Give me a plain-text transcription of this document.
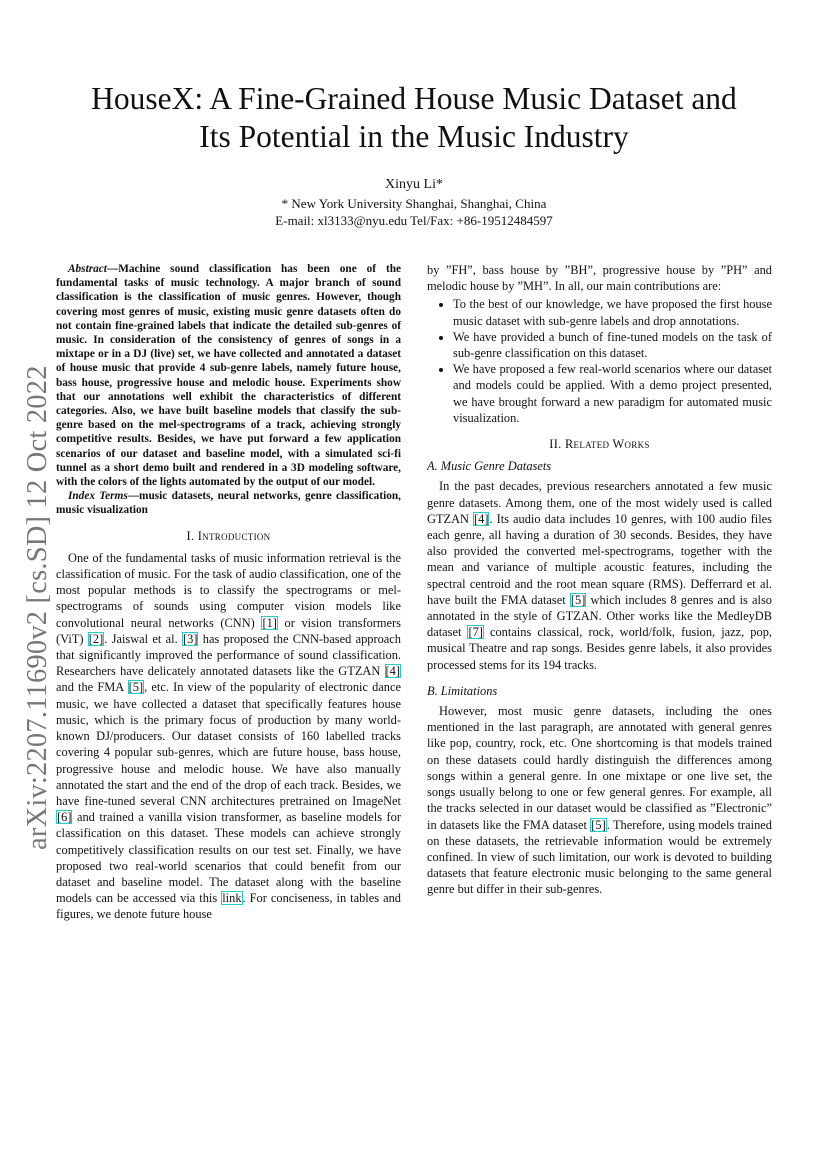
arXiv:2207.11690v2 [cs.SD] 12 Oct 2022
HouseX: A Fine-Grained House Music Dataset and
Its Potential in the Music Industry
Xinyu Li*
* New York University Shanghai, Shanghai, China
E-mail: xl3133@nyu.edu Tel/Fax: +86-19512484597

Abstract—Machine sound classification has been one of the fundamental tasks of music technology. A major branch of sound classification is the classification of music genres. However, though covering most genres of music, existing music genre datasets often do not contain fine-grained labels that indicate the detailed sub-genres of music. In consideration of the consistency of genres of songs in a mixtape or in a DJ (live) set, we have collected and annotated a dataset of house music that provide 4 sub-genre labels, namely future house, bass house, progressive house and melodic house. Experiments show that our annotations well exhibit the characteristics of different categories. Also, we have built baseline models that classify the sub-genre based on the mel-spectrograms of a track, achieving strongly competitive results. Besides, we have put forward a few application scenarios of our dataset and baseline model, with a simulated sci-fi tunnel as a short demo built and rendered in a 3D modeling software, with the colors of the lights automated by the output of our model.

Index Terms—music datasets, neural networks, genre classification, music visualization

I. Introduction

One of the fundamental tasks of music information retrieval is the classification of music. For the task of audio classification, one of the most popular methods is to classify the spectrograms or mel-spectrograms of sounds using computer vision models like convolutional neural networks (CNN) [1] or vision transformers (ViT) [2]. Jaiswal et al. [3] has proposed the CNN-based approach that significantly improved the performance of sound classification. Researchers have delicately annotated datasets like the GTZAN [4] and the FMA [5], etc. In view of the popularity of electronic dance music, we have collected a dataset that specifically features house music, which is the primary focus of production by many world-known DJ/producers. Our dataset consists of 160 labelled tracks covering 4 popular sub-genres, which are future house, bass house, progressive house and melodic house. We have also manually annotated the start and the end of the drop of each track. Besides, we have fine-tuned several CNN architectures pretrained on ImageNet [6] and trained a vanilla vision transformer, as baseline models for classification on this dataset. These models can achieve strongly competitively classification results on our test set. Finally, we have proposed two real-world scenarios that could benefit from our dataset and baseline model. The dataset along with the baseline models can be accessed via this link. For conciseness, in tables and figures, we denote future house

by ”FH”, bass house by ”BH”, progressive house by ”PH” and melodic house by ”MH”. In all, our main contributions are:

• To the best of our knowledge, we have proposed the first house music dataset with sub-genre labels and drop annotations.
• We have provided a bunch of fine-tuned models on the task of sub-genre classification on this dataset.
• We have proposed a few real-world scenarios where our dataset and models could be applied. With a demo project presented, we have brought forward a new paradigm for automated music visualization.
II. Related Works
A. Music Genre Datasets

In the past decades, previous researchers annotated a few music genre datasets. Among them, one of the most widely used is called GTZAN [4]. Its audio data includes 10 genres, with 100 audio files each genre, all having a duration of 30 seconds. Besides, they have also provided the converted mel-spectrograms, together with the mean and variance of multiple acoustic features, including the spectral centroid and the root mean square (RMS). Defferrard et al. have built the FMA dataset [5] which includes 8 genres and is also annotated in the style of GTZAN. Other works like the MedleyDB dataset [7] contains classical, rock, world/folk, fusion, jazz, pop, musical Theatre and rap songs. Besides genre labels, it also provides processed stems for its 194 tracks.

B. Limitations

However, most music genre datasets, including the ones mentioned in the last paragraph, are annotated with general genres like pop, country, rock, etc. One shortcoming is that models trained on these datasets could hardly distinguish the differences among songs within a general genre. In one mixtape or one live set, the songs usually belong to one or few general genres. For example, all the tracks selected in our dataset would be classified as ”Electronic” in datasets like the FMA dataset [5]. Therefore, using models trained on these datasets, the retrievable information would be extremely confined. In view of such limitation, our work is devoted to building datasets that feature electronic music belonging to the same general genre but differ in their sub-genres.
